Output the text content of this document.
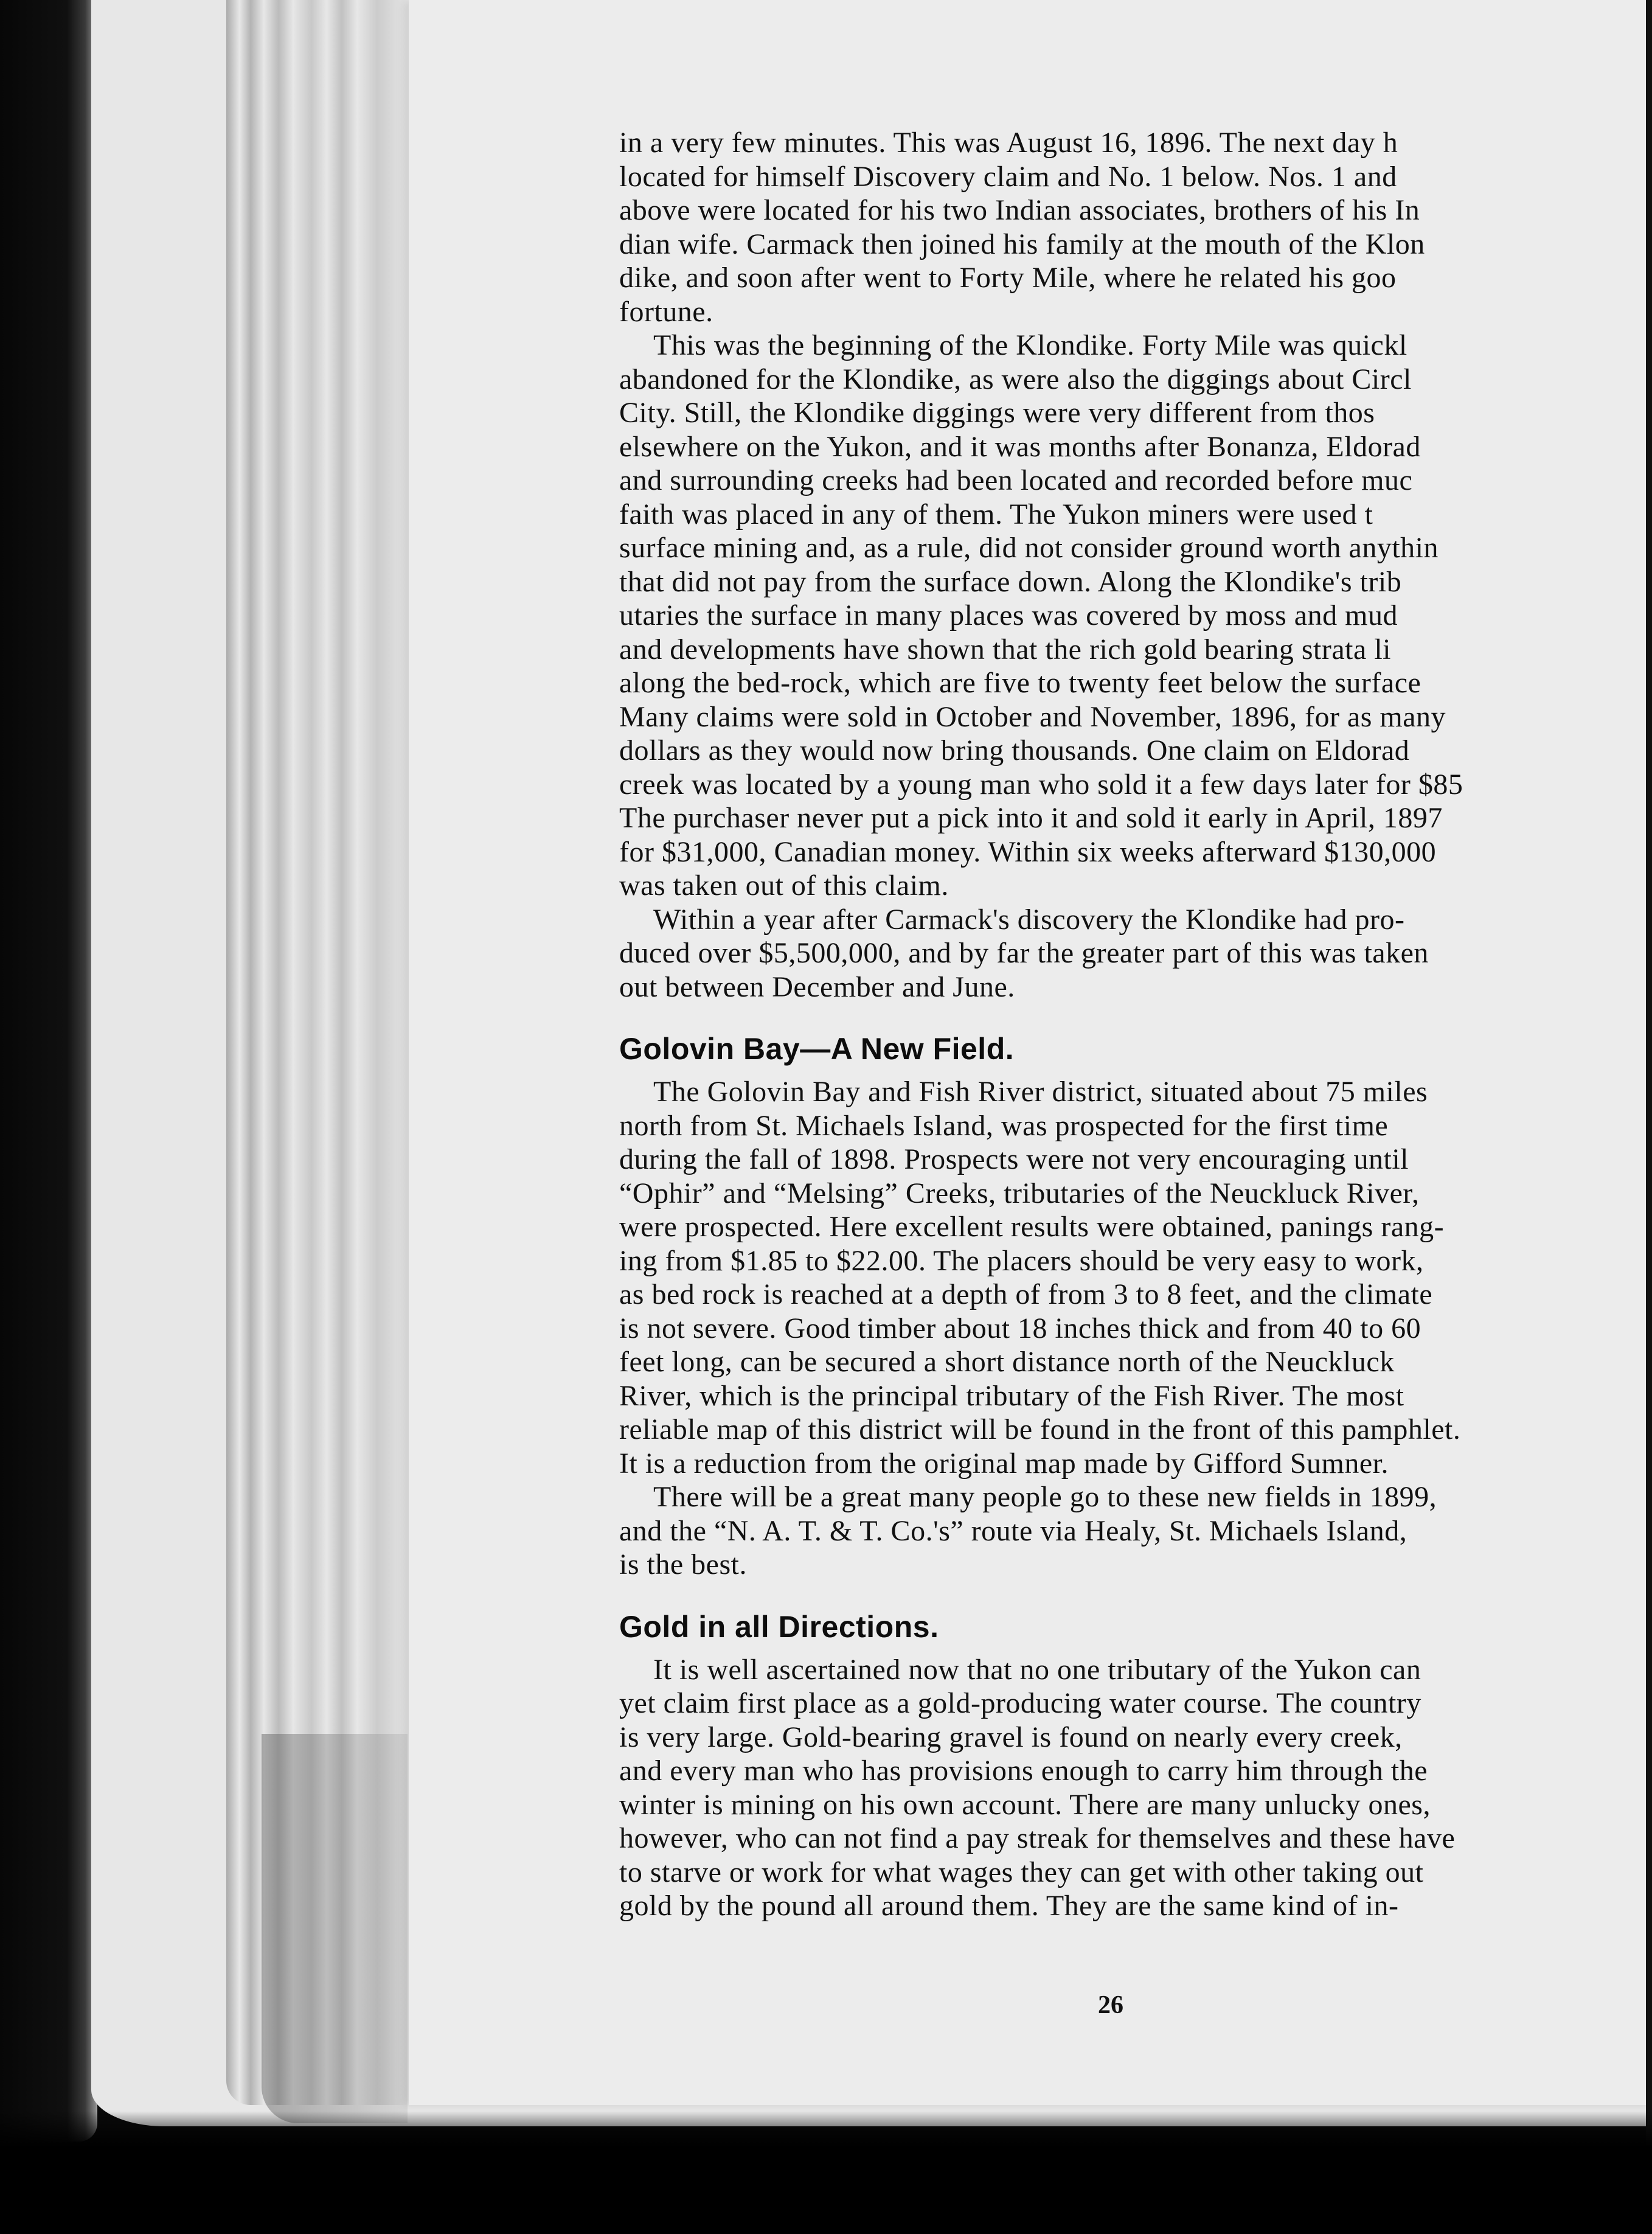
in a very few minutes. This was August 16, 1896. The next day h
located for himself Discovery claim and No. 1 below. Nos. 1 and
above were located for his two Indian associates, brothers of his In
dian wife. Carmack then joined his family at the mouth of the Klon
dike, and soon after went to Forty Mile, where he related his goo
fortune.
This was the beginning of the Klondike. Forty Mile was quickl
abandoned for the Klondike, as were also the diggings about Circl
City. Still, the Klondike diggings were very different from thos
elsewhere on the Yukon, and it was months after Bonanza, Eldorad
and surrounding creeks had been located and recorded before muc
faith was placed in any of them. The Yukon miners were used t
surface mining and, as a rule, did not consider ground worth anythin
that did not pay from the surface down. Along the Klondike's trib
utaries the surface in many places was covered by moss and mud
and developments have shown that the rich gold bearing strata li
along the bed-rock, which are five to twenty feet below the surface
Many claims were sold in October and November, 1896, for as many
dollars as they would now bring thousands. One claim on Eldorad
creek was located by a young man who sold it a few days later for $85
The purchaser never put a pick into it and sold it early in April, 1897
for $31,000, Canadian money. Within six weeks afterward $130,000
was taken out of this claim.
Within a year after Carmack's discovery the Klondike had pro-
duced over $5,500,000, and by far the greater part of this was taken
out between December and June.
Golovin Bay—A New Field.
The Golovin Bay and Fish River district, situated about 75 miles
north from St. Michaels Island, was prospected for the first time
during the fall of 1898. Prospects were not very encouraging until
“Ophir” and “Melsing” Creeks, tributaries of the Neuckluck River,
were prospected. Here excellent results were obtained, panings rang-
ing from $1.85 to $22.00. The placers should be very easy to work,
as bed rock is reached at a depth of from 3 to 8 feet, and the climate
is not severe. Good timber about 18 inches thick and from 40 to 60
feet long, can be secured a short distance north of the Neuckluck
River, which is the principal tributary of the Fish River. The most
reliable map of this district will be found in the front of this pamphlet.
It is a reduction from the original map made by Gifford Sumner.
There will be a great many people go to these new fields in 1899,
and the “N. A. T. & T. Co.'s” route via Healy, St. Michaels Island,
is the best.
Gold in all Directions.
It is well ascertained now that no one tributary of the Yukon can
yet claim first place as a gold-producing water course. The country
is very large. Gold-bearing gravel is found on nearly every creek,
and every man who has provisions enough to carry him through the
winter is mining on his own account. There are many unlucky ones,
however, who can not find a pay streak for themselves and these have
to starve or work for what wages they can get with other taking out
gold by the pound all around them. They are the same kind of in-
26
